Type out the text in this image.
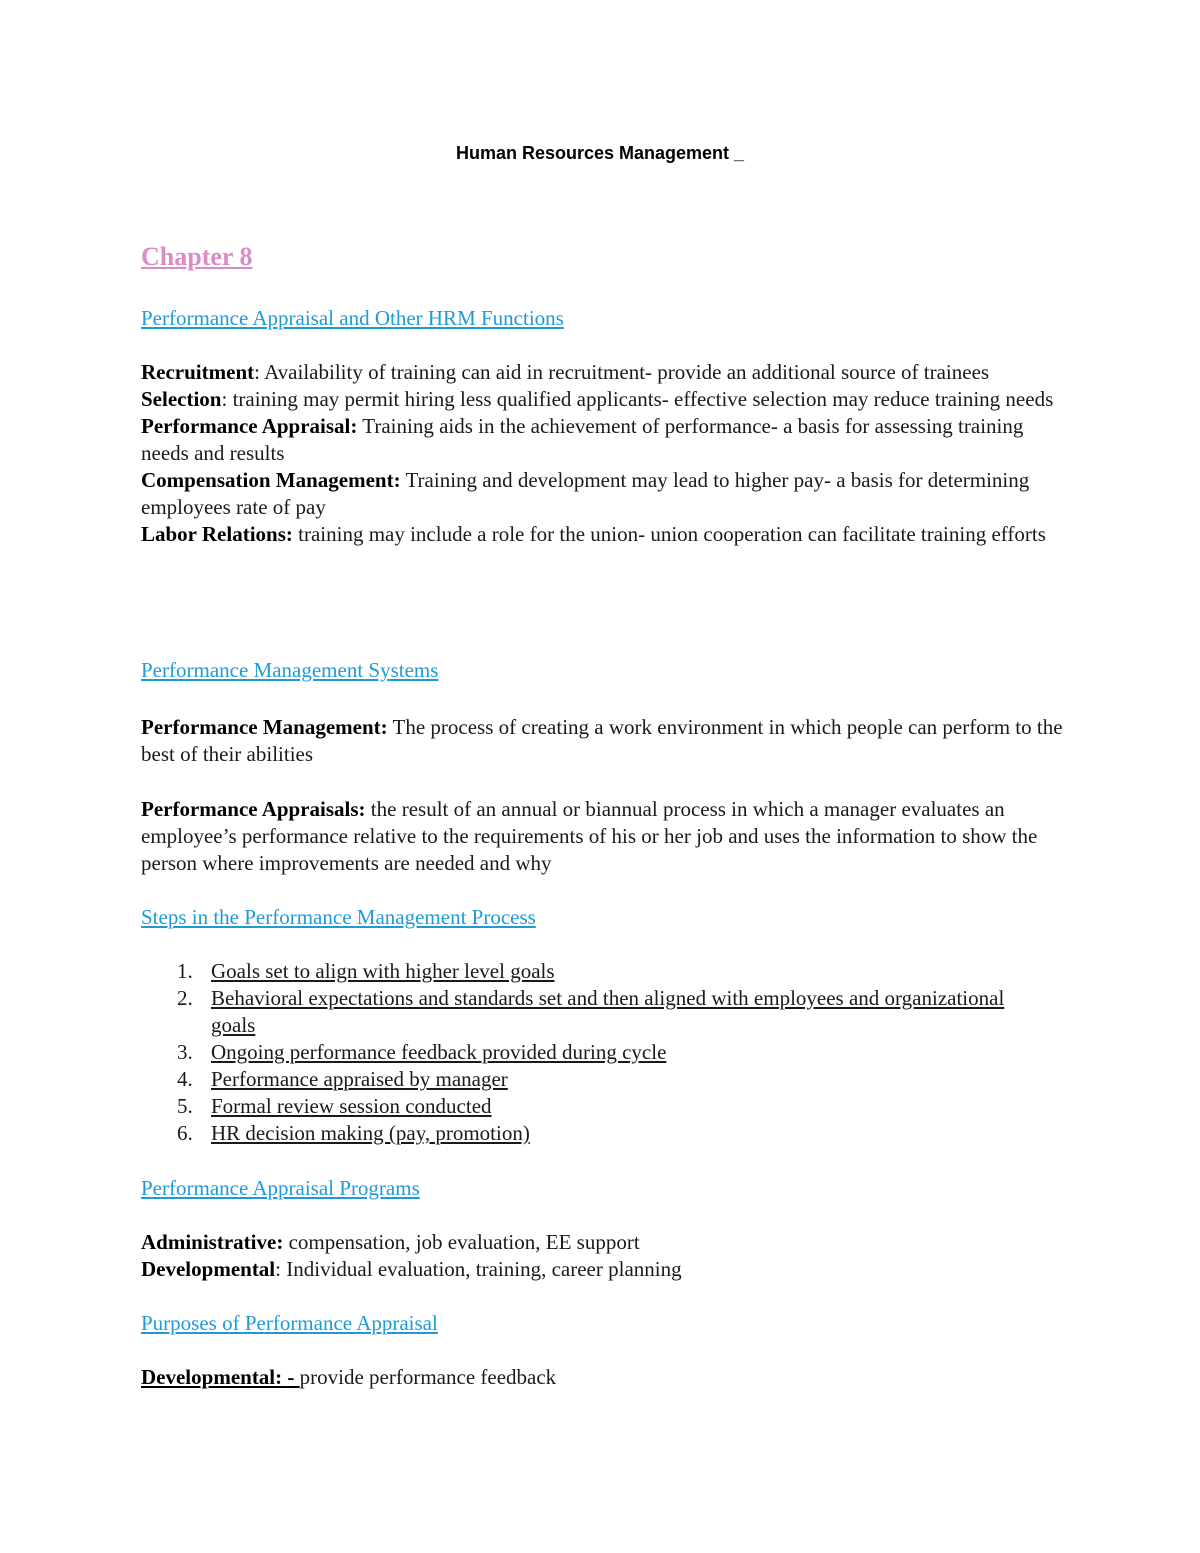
Human Resources Management _
Chapter 8
Performance Appraisal and Other HRM Functions
Recruitment: Availability of training can aid in recruitment- provide an additional source of trainees
Selection: training may permit hiring less qualified applicants- effective selection may reduce training needs
Performance Appraisal: Training aids in the achievement of performance- a basis for assessing training needs and results
Compensation Management: Training and development may lead to higher pay- a basis for determining employees rate of pay
Labor Relations: training may include a role for the union- union cooperation can facilitate training efforts
Performance Management Systems
Performance Management: The process of creating a work environment in which people can perform to the best of their abilities
Performance Appraisals: the result of an annual or biannual process in which a manager evaluates an employee’s performance relative to the requirements of his or her job and uses the information to show the person where improvements are needed and why
Steps in the Performance Management Process
1. Goals set to align with higher level goals
2. Behavioral expectations and standards set and then aligned with employees and organizational goals
3. Ongoing performance feedback provided during cycle
4. Performance appraised by manager
5. Formal review session conducted
6. HR decision making (pay, promotion)
Performance Appraisal Programs
Administrative: compensation, job evaluation, EE support
Developmental: Individual evaluation, training, career planning
Purposes of Performance Appraisal
Developmental: - provide performance feedback
